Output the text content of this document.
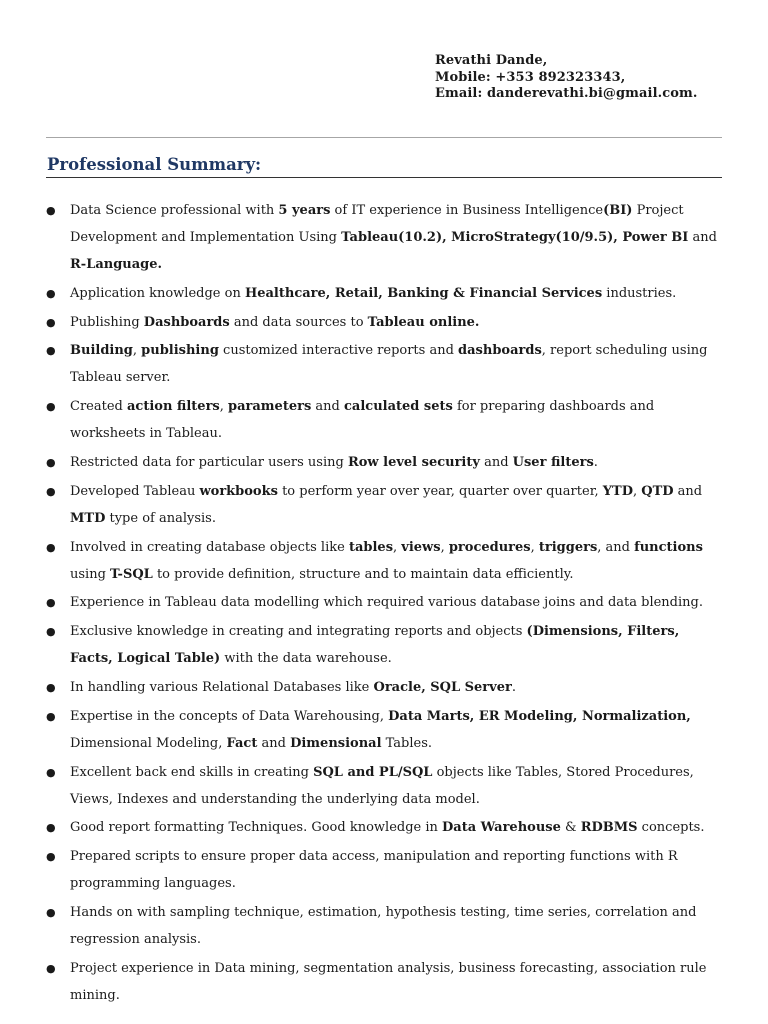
Revathi Dande,
Mobile: +353 892323343,
Email: danderevathi.bi@gmail.com.
Professional Summary:
● Data Science professional with 5 years of IT experience in Business Intelligence(BI) Project Development and Implementation Using Tableau(10.2), MicroStrategy(10/9.5), Power BI and R-Language.
● Application knowledge on Healthcare, Retail, Banking & Financial Services industries.
● Publishing Dashboards and data sources to Tableau online.
● Building, publishing customized interactive reports and dashboards, report scheduling using Tableau server.
● Created action filters, parameters and calculated sets for preparing dashboards and worksheets in Tableau.
● Restricted data for particular users using Row level security and User filters.
● Developed Tableau workbooks to perform year over year, quarter over quarter, YTD, QTD and MTD type of analysis.
● Involved in creating database objects like tables, views, procedures, triggers, and functions using T-SQL to provide definition, structure and to maintain data efficiently.
● Experience in Tableau data modelling which required various database joins and data blending.
● Exclusive knowledge in creating and integrating reports and objects (Dimensions, Filters, Facts, Logical Table) with the data warehouse.
● In handling various Relational Databases like Oracle, SQL Server.
● Expertise in the concepts of Data Warehousing, Data Marts, ER Modeling, Normalization, Dimensional Modeling, Fact and Dimensional Tables.
● Excellent back end skills in creating SQL and PL/SQL objects like Tables, Stored Procedures, Views, Indexes and understanding the underlying data model.
● Good report formatting Techniques. Good knowledge in Data Warehouse & RDBMS concepts.
● Prepared scripts to ensure proper data access, manipulation and reporting functions with R programming languages.
● Hands on with sampling technique, estimation, hypothesis testing, time series, correlation and regression analysis.
● Project experience in Data mining, segmentation analysis, business forecasting, association rule mining.
